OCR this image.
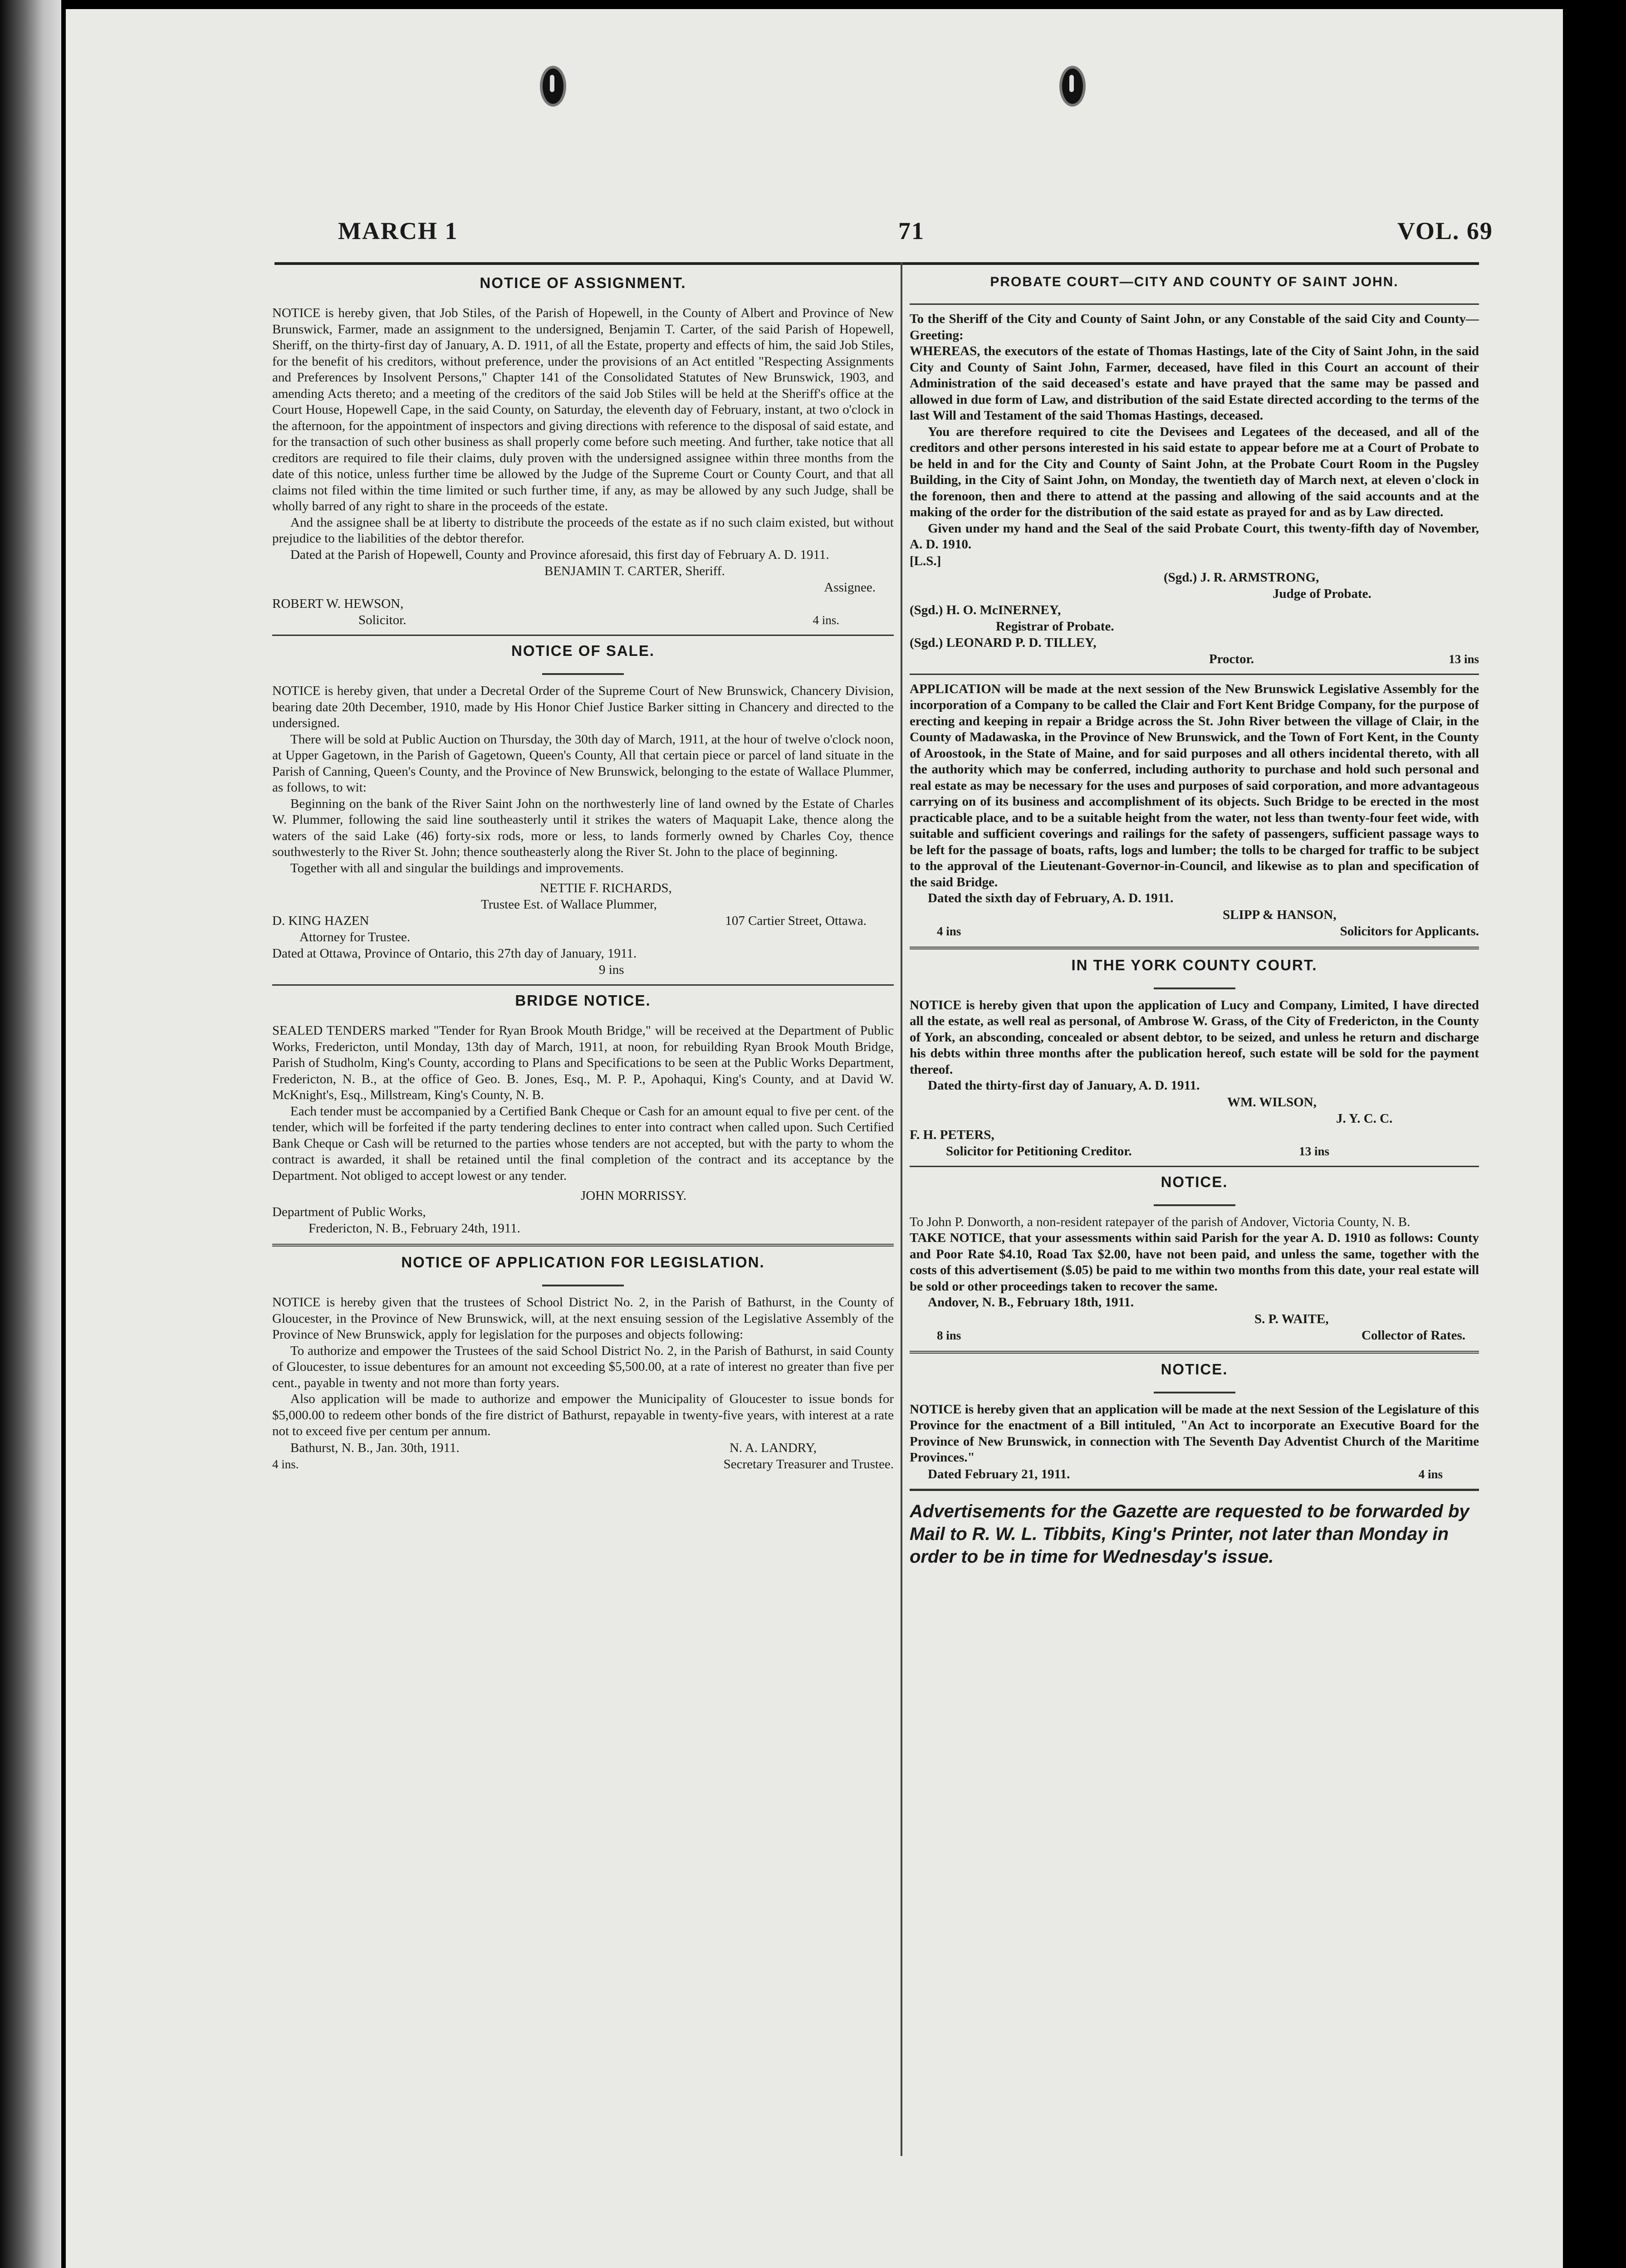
MARCH 1	71	VOL. 69
NOTICE OF ASSIGNMENT.

NOTICE is hereby given, that Job Stiles, of the Parish of Hopewell, in the County of Albert and Province of New Brunswick, Farmer, made an assignment to the undersigned, Benjamin T. Carter, of the said Parish of Hopewell, Sheriff, on the thirty-first day of January, A. D. 1911, of all the Estate, property and effects of him, the said Job Stiles, for the benefit of his creditors, without preference, under the provisions of an Act entitled "Respecting Assignments and Preferences by Insolvent Persons," Chapter 141 of the Consolidated Statutes of New Brunswick, 1903, and amending Acts thereto; and a meeting of the creditors of the said Job Stiles will be held at the Sheriff's office at the Court House, Hopewell Cape, in the said County, on Saturday, the eleventh day of February, instant, at two o'clock in the afternoon, for the appointment of inspectors and giving directions with reference to the disposal of said estate, and for the transaction of such other business as shall properly come before such meeting. And further, take notice that all creditors are required to file their claims, duly proven with the undersigned assignee within three months from the date of this notice, unless further time be allowed by the Judge of the Supreme Court or County Court, and that all claims not filed within the time limited or such further time, if any, as may be allowed by any such Judge, shall be wholly barred of any right to share in the proceeds of the estate.

And the assignee shall be at liberty to distribute the proceeds of the estate as if no such claim existed, but without prejudice to the liabilities of the debtor therefor.

Dated at the Parish of Hopewell, County and Province aforesaid, this first day of February A. D. 1911.

BENJAMIN T. CARTER, Sheriff.
Assignee.
ROBERT W. HEWSON,
Solicitor.	4 ins.
NOTICE OF SALE.

NOTICE is hereby given, that under a Decretal Order of the Supreme Court of New Brunswick, Chancery Division, bearing date 20th December, 1910, made by His Honor Chief Justice Barker sitting in Chancery and directed to the undersigned.

There will be sold at Public Auction on Thursday, the 30th day of March, 1911, at the hour of twelve o'clock noon, at Upper Gagetown, in the Parish of Gagetown, Queen's County, All that certain piece or parcel of land situate in the Parish of Canning, Queen's County, and the Province of New Brunswick, belonging to the estate of Wallace Plummer, as follows, to wit:

Beginning on the bank of the River Saint John on the northwesterly line of land owned by the Estate of Charles W. Plummer, following the said line southeasterly until it strikes the waters of Maquapit Lake, thence along the waters of the said Lake (46) forty-six rods, more or less, to lands formerly owned by Charles Coy, thence southwesterly to the River St. John; thence southeasterly along the River St. John to the place of beginning.

Together with all and singular the buildings and improvements.

NETTIE F. RICHARDS,
Trustee Est. of Wallace Plummer,
D. KING HAZEN	107 Cartier Street, Ottawa.
Attorney for Trustee.
Dated at Ottawa, Province of Ontario, this 27th day of January, 1911.
9 ins
BRIDGE NOTICE.

SEALED TENDERS marked "Tender for Ryan Brook Mouth Bridge," will be received at the Department of Public Works, Fredericton, until Monday, 13th day of March, 1911, at noon, for rebuilding Ryan Brook Mouth Bridge, Parish of Studholm, King's County, according to Plans and Specifications to be seen at the Public Works Department, Fredericton, N. B., at the office of Geo. B. Jones, Esq., M. P. P., Apohaqui, King's County, and at David W. McKnight's, Esq., Millstream, King's County, N. B.

Each tender must be accompanied by a Certified Bank Cheque or Cash for an amount equal to five per cent. of the tender, which will be forfeited if the party tendering declines to enter into contract when called upon. Such Certified Bank Cheque or Cash will be returned to the parties whose tenders are not accepted, but with the party to whom the contract is awarded, it shall be retained until the final completion of the contract and its acceptance by the Department. Not obliged to accept lowest or any tender.

JOHN MORRISSY.
Department of Public Works,
Fredericton, N. B., February 24th, 1911.
NOTICE OF APPLICATION FOR LEGISLATION.

NOTICE is hereby given that the trustees of School District No. 2, in the Parish of Bathurst, in the County of Gloucester, in the Province of New Brunswick, will, at the next ensuing session of the Legislative Assembly of the Province of New Brunswick, apply for legislation for the purposes and objects following:

To authorize and empower the Trustees of the said School District No. 2, in the Parish of Bathurst, in said County of Gloucester, to issue debentures for an amount not exceeding $5,500.00, at a rate of interest no greater than five per cent., payable in twenty and not more than forty years.

Also application will be made to authorize and empower the Municipality of Gloucester to issue bonds for $5,000.00 to redeem other bonds of the fire district of Bathurst, repayable in twenty-five years, with interest at a rate not to exceed five per centum per annum.

Bathurst, N. B., Jan. 30th, 1911.	N. A. LANDRY,
4 ins.	Secretary Treasurer and Trustee.
PROBATE COURT—CITY AND COUNTY OF SAINT JOHN.

To the Sheriff of the City and County of Saint John, or any Constable of the said City and County—Greeting:

WHEREAS, the executors of the estate of Thomas Hastings, late of the City of Saint John, in the said City and County of Saint John, Farmer, deceased, have filed in this Court an account of their Administration of the said deceased's estate and have prayed that the same may be passed and allowed in due form of Law, and distribution of the said Estate directed according to the terms of the last Will and Testament of the said Thomas Hastings, deceased.

You are therefore required to cite the Devisees and Legatees of the deceased, and all of the creditors and other persons interested in his said estate to appear before me at a Court of Probate to be held in and for the City and County of Saint John, at the Probate Court Room in the Pugsley Building, in the City of Saint John, on Monday, the twentieth day of March next, at eleven o'clock in the forenoon, then and there to attend at the passing and allowing of the said accounts and at the making of the order for the distribution of the said estate as prayed for and as by Law directed.

Given under my hand and the Seal of the said Probate Court, this twenty-fifth day of November, A. D. 1910.

[L.S.]
(Sgd.) J. R. ARMSTRONG,
Judge of Probate.
(Sgd.) H. O. McINERNEY,
Registrar of Probate.
(Sgd.) LEONARD P. D. TILLEY,
Proctor.	13 ins

APPLICATION will be made at the next session of the New Brunswick Legislative Assembly for the incorporation of a Company to be called the Clair and Fort Kent Bridge Company, for the purpose of erecting and keeping in repair a Bridge across the St. John River between the village of Clair, in the County of Madawaska, in the Province of New Brunswick, and the Town of Fort Kent, in the County of Aroostook, in the State of Maine, and for said purposes and all others incidental thereto, with all the authority which may be conferred, including authority to purchase and hold such personal and real estate as may be necessary for the uses and purposes of said corporation, and more advantageous carrying on of its business and accomplishment of its objects. Such Bridge to be erected in the most practicable place, and to be a suitable height from the water, not less than twenty-four feet wide, with suitable and sufficient coverings and railings for the safety of passengers, sufficient passage ways to be left for the passage of boats, rafts, logs and lumber; the tolls to be charged for traffic to be subject to the approval of the Lieutenant-Governor-in-Council, and likewise as to plan and specification of the said Bridge.

Dated the sixth day of February, A. D. 1911.

SLIPP & HANSON,
4 ins	Solicitors for Applicants.
IN THE YORK COUNTY COURT.

NOTICE is hereby given that upon the application of Lucy and Company, Limited, I have directed all the estate, as well real as personal, of Ambrose W. Grass, of the City of Fredericton, in the County of York, an absconding, concealed or absent debtor, to be seized, and unless he return and discharge his debts within three months after the publication hereof, such estate will be sold for the payment thereof.

Dated the thirty-first day of January, A. D. 1911.

WM. WILSON,
J. Y. C. C.
F. H. PETERS,
Solicitor for Petitioning Creditor.	13 ins
NOTICE.

To John P. Donworth, a non-resident ratepayer of the parish of Andover, Victoria County, N. B.

TAKE NOTICE, that your assessments within said Parish for the year A. D. 1910 as follows: County and Poor Rate $4.10, Road Tax $2.00, have not been paid, and unless the same, together with the costs of this advertisement ($.05) be paid to me within two months from this date, your real estate will be sold or other proceedings taken to recover the same.

Andover, N. B., February 18th, 1911.

S. P. WAITE,
8 ins	Collector of Rates.
NOTICE.

NOTICE is hereby given that an application will be made at the next Session of the Legislature of this Province for the enactment of a Bill intituled, "An Act to incorporate an Executive Board for the Province of New Brunswick, in connection with The Seventh Day Adventist Church of the Maritime Provinces."

Dated February 21, 1911.	4 ins
Advertisements for the Gazette are requested to be forwarded by Mail to R. W. L. Tibbits, King's Printer, not later than Monday in order to be in time for Wednesday's issue.
